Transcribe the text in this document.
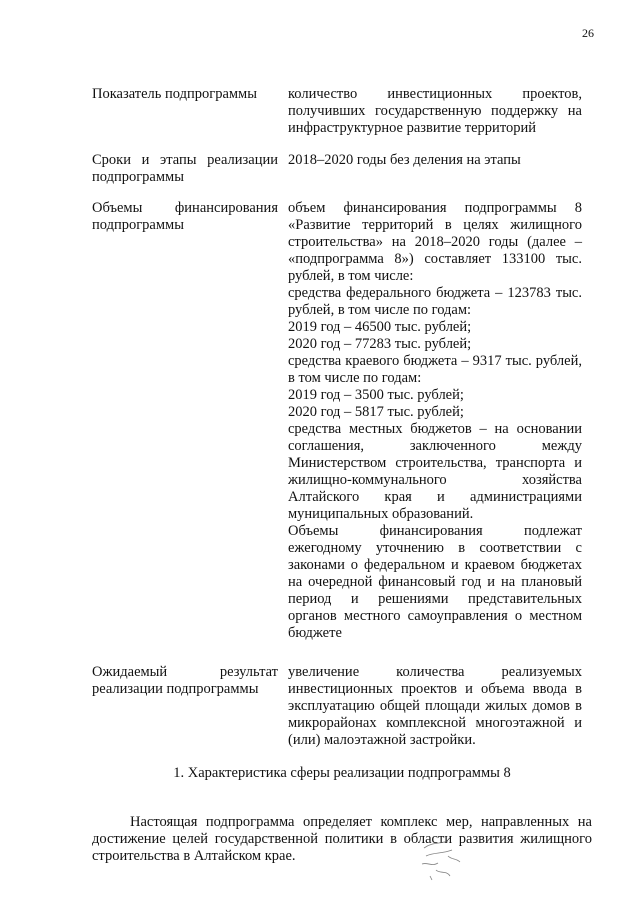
26
Показатель подпрограммы	количество инвестиционных проектов, получивших государственную поддержку на инфраструктурное развитие территорий

Сроки и этапы реализации подпрограммы

2018–2020 годы без деления на этапы

Объемы финансирования подпрограммы

объем финансирования подпрограммы 8 «Развитие территорий в целях жилищного строительства» на 2018–2020 годы (далее – «подпрограмма 8») составляет 133100 тыс. рублей, в том числе:

средства федерального бюджета – 123783 тыс. рублей, в том числе по годам:

2019 год – 46500 тыс. рублей;

2020 год – 77283 тыс. рублей;

средства краевого бюджета – 9317 тыс. рублей, в том числе по годам:

2019 год – 3500 тыс. рублей;

2020 год – 5817 тыс. рублей;

средства местных бюджетов – на основании соглашения, заключенного между Министерством строительства, транспорта и жилищно-коммунального хозяйства Алтайского края и администрациями муниципальных образований.

Объемы финансирования подлежат ежегодному уточнению в соответствии с законами о федеральном и краевом бюджетах на очередной финансовый год и на плановый период и решениями представительных органов местного самоуправления о местном бюджете

Ожидаемый результат реализации подпрограммы

увеличение количества реализуемых инвестиционных проектов и объема ввода в эксплуатацию общей площади жилых домов в микрорайонах комплексной многоэтажной и (или) малоэтажной застройки.

1. Характеристика сферы реализации подпрограммы 8

Настоящая подпрограмма определяет комплекс мер, направленных на достижение целей государственной политики в области развития жилищного строительства в Алтайском крае.
